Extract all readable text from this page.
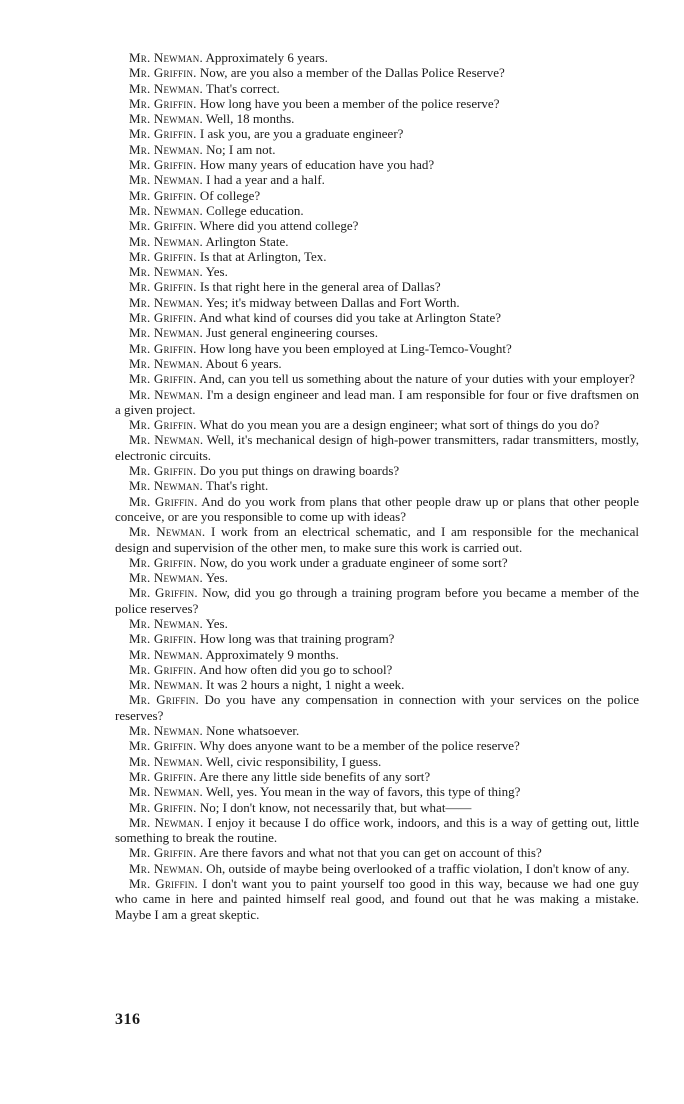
Mr. Newman. Approximately 6 years.

Mr. Griffin. Now, are you also a member of the Dallas Police Reserve?

Mr. Newman. That's correct.

Mr. Griffin. How long have you been a member of the police reserve?

Mr. Newman. Well, 18 months.

Mr. Griffin. I ask you, are you a graduate engineer?

Mr. Newman. No; I am not.

Mr. Griffin. How many years of education have you had?

Mr. Newman. I had a year and a half.

Mr. Griffin. Of college?

Mr. Newman. College education.

Mr. Griffin. Where did you attend college?

Mr. Newman. Arlington State.

Mr. Griffin. Is that at Arlington, Tex.

Mr. Newman. Yes.

Mr. Griffin. Is that right here in the general area of Dallas?

Mr. Newman. Yes; it's midway between Dallas and Fort Worth.

Mr. Griffin. And what kind of courses did you take at Arlington State?

Mr. Newman. Just general engineering courses.

Mr. Griffin. How long have you been employed at Ling-Temco-Vought?

Mr. Newman. About 6 years.

Mr. Griffin. And, can you tell us something about the nature of your duties with your employer?

Mr. Newman. I'm a design engineer and lead man. I am responsible for four or five draftsmen on a given project.

Mr. Griffin. What do you mean you are a design engineer; what sort of things do you do?

Mr. Newman. Well, it's mechanical design of high-power transmitters, radar transmitters, mostly, electronic circuits.

Mr. Griffin. Do you put things on drawing boards?

Mr. Newman. That's right.

Mr. Griffin. And do you work from plans that other people draw up or plans that other people conceive, or are you responsible to come up with ideas?

Mr. Newman. I work from an electrical schematic, and I am responsible for the mechanical design and supervision of the other men, to make sure this work is carried out.

Mr. Griffin. Now, do you work under a graduate engineer of some sort?

Mr. Newman. Yes.

Mr. Griffin. Now, did you go through a training program before you became a member of the police reserves?

Mr. Newman. Yes.

Mr. Griffin. How long was that training program?

Mr. Newman. Approximately 9 months.

Mr. Griffin. And how often did you go to school?

Mr. Newman. It was 2 hours a night, 1 night a week.

Mr. Griffin. Do you have any compensation in connection with your services on the police reserves?

Mr. Newman. None whatsoever.

Mr. Griffin. Why does anyone want to be a member of the police reserve?

Mr. Newman. Well, civic responsibility, I guess.

Mr. Griffin. Are there any little side benefits of any sort?

Mr. Newman. Well, yes. You mean in the way of favors, this type of thing?

Mr. Griffin. No; I don't know, not necessarily that, but what——

Mr. Newman. I enjoy it because I do office work, indoors, and this is a way of getting out, little something to break the routine.

Mr. Griffin. Are there favors and what not that you can get on account of this?

Mr. Newman. Oh, outside of maybe being overlooked of a traffic violation, I don't know of any.

Mr. Griffin. I don't want you to paint yourself too good in this way, because we had one guy who came in here and painted himself real good, and found out that he was making a mistake. Maybe I am a great skeptic.

316
